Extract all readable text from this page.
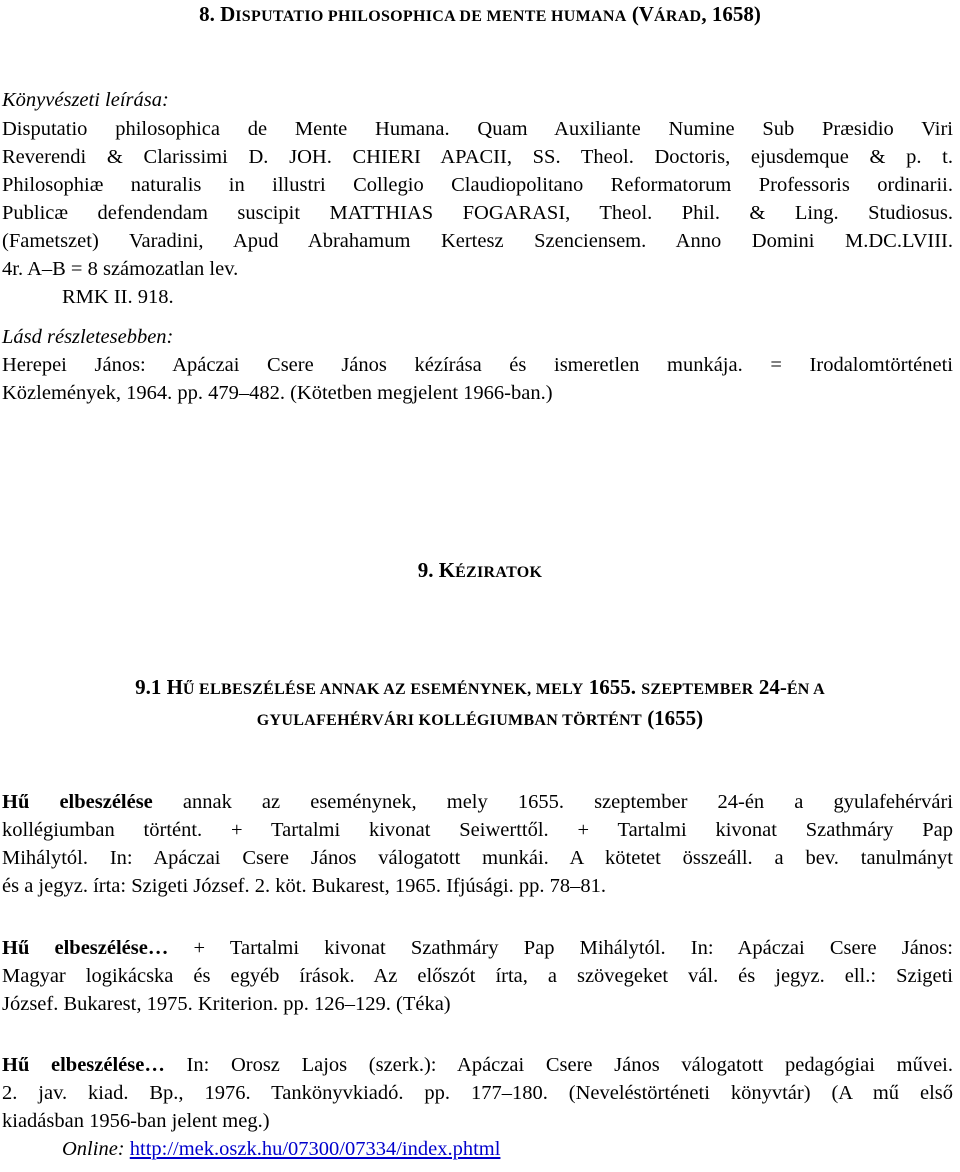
8. DISPUTATIO PHILOSOPHICA DE MENTE HUMANA (VÁRAD, 1658)
Könyvészeti leírása:
Disputatio philosophica de Mente Humana. Quam Auxiliante Numine Sub Præsidio Viri
Reverendi & Clarissimi D. JOH. CHIERI APACII, SS. Theol. Doctoris, ejusdemque & p. t.
Philosophiæ naturalis in illustri Collegio Claudiopolitano Reformatorum Professoris ordinarii.
Publicæ defendendam suscipit MATTHIAS FOGARASI, Theol. Phil. & Ling. Studiosus.
(Fametszet) Varadini, Apud Abrahamum Kertesz Szenciensem. Anno Domini M.DC.LVIII.
4r. A–B = 8 számozatlan lev.
RMK II. 918.
Lásd részletesebben:
Herepei János: Apáczai Csere János kézírása és ismeretlen munkája. = Irodalomtörténeti
Közlemények, 1964. pp. 479–482. (Kötetben megjelent 1966-ban.)
9. KÉZIRATOK
9.1 HŰ ELBESZÉLÉSE ANNAK AZ ESEMÉNYNEK, MELY 1655. SZEPTEMBER 24-ÉN A
GYULAFEHÉRVÁRI KOLLÉGIUMBAN TÖRTÉNT (1655)
Hű elbeszélése annak az eseménynek, mely 1655. szeptember 24-én a gyulafehérvári
kollégiumban történt. + Tartalmi kivonat Seiwerttől. + Tartalmi kivonat Szathmáry Pap
Mihálytól. In: Apáczai Csere János válogatott munkái. A kötetet összeáll. a bev. tanulmányt
és a jegyz. írta: Szigeti József. 2. köt. Bukarest, 1965. Ifjúsági. pp. 78–81.
Hű elbeszélése… + Tartalmi kivonat Szathmáry Pap Mihálytól. In: Apáczai Csere János:
Magyar logikácska és egyéb írások. Az előszót írta, a szövegeket vál. és jegyz. ell.: Szigeti
József. Bukarest, 1975. Kriterion. pp. 126–129. (Téka)
Hű elbeszélése… In: Orosz Lajos (szerk.): Apáczai Csere János válogatott pedagógiai művei.
2. jav. kiad. Bp., 1976. Tankönyvkiadó. pp. 177–180. (Neveléstörténeti könyvtár) (A mű első
kiadásban 1956-ban jelent meg.)
Online: http://mek.oszk.hu/07300/07334/index.phtml
